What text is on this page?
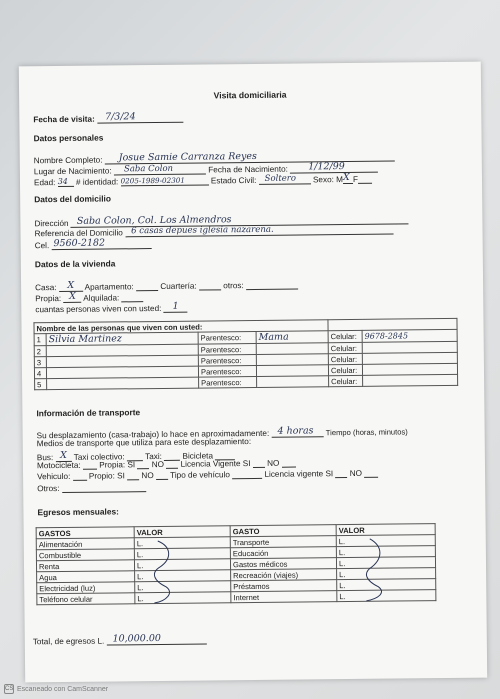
Visita domiciliaria
Fecha de visita: 7/3/24
Datos personales
Nombre Completo: Josue Samie Carranza Reyes
Lugar de Nacimiento: Saba Colon	Fecha de Nacimiento: 1/12/99
Edad: 34 # identidad: 0205-1989-02301	Estado Civil: Soltero Sexo: MX F
Datos del domicilio
Dirección Saba Colon, Col. Los Almendros
Referencia del Domicilio 6 casas depues iglesia nazarena.
Cel. 9560-2182
Datos de la vivienda
Casa: X Apartamento:	Cuartería:	otros:
Propia: X Alquilada:
cuantas personas viven con usted: 1
Nombre de las personas que viven con usted:					
1	Silvia Martinez	Parentesco:	Mama	Celular:	9678-2845
2		Parentesco:		Celular:	
3		Parentesco:		Celular:	
4		Parentesco:		Celular:	
5		Parentesco:		Celular:	
Información de transporte
Su desplazamiento (casa-trabajo) lo hace en aproximadamente: 4 horas Tiempo (horas, minutos)
Medios de transporte que utiliza para este desplazamiento:
Bus: X Taxi colectivo: Taxi: Bicicleta
Motocicleta: Propia: SI NO Licencia Vigente SI NO
Vehiculo: Propio: SI NO Tipo de vehículo	Licencia vigente SI NO
Otros:
Egresos mensuales:
GASTOS	VALOR	GASTO	VALOR
Alimentación	L.	Transporte	L.
Combustible	L.	Educación	L.
Renta	L.	Gastos médicos	L.
Agua	L.	Recreación (viajes)	L.
Electricidad (luz)	L.	Préstamos	L.
Teléfono celular	L.	Internet	L.
Total, de egresos L. 10,000.00
CS Escaneado con CamScanner
